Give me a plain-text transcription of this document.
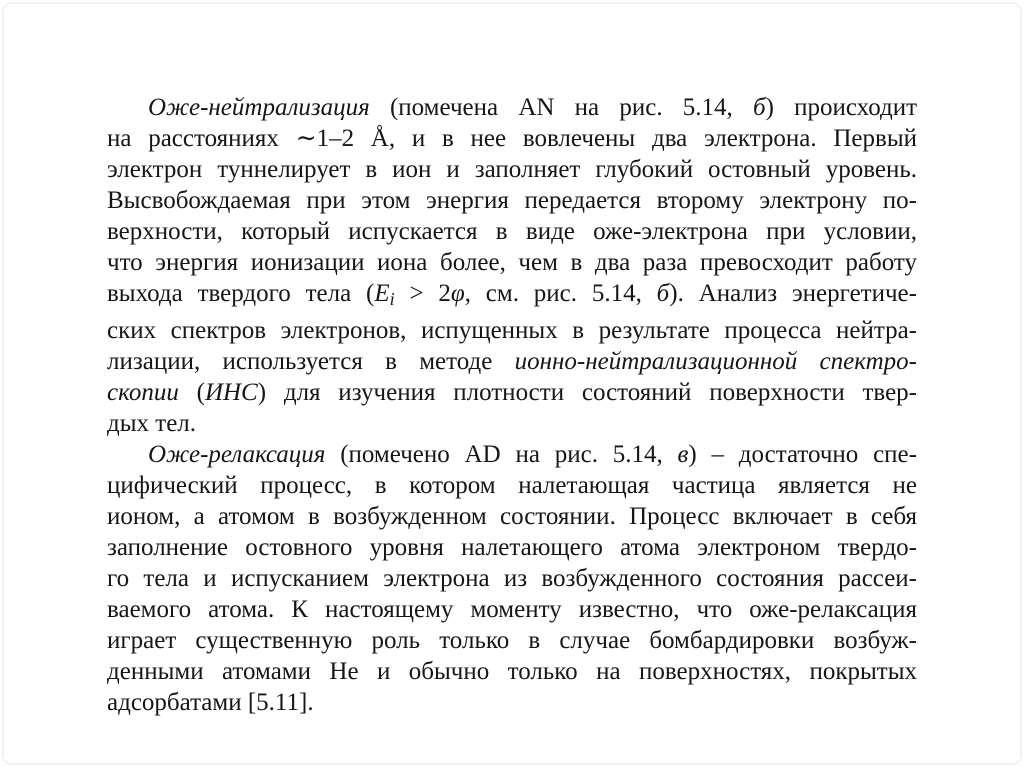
Оже-нейтрализация (помечена AN на рис. 5.14, б) происходит
на расстояниях ∼1–2 Å, и в нее вовлечены два электрона. Первый
электрон туннелирует в ион и заполняет глубокий остовный уровень.
Высвобождаемая при этом энергия передается второму электрону по-
верхности, который испускается в виде оже-электрона при условии,
что энергия ионизации иона более, чем в два раза превосходит работу
выхода твердого тела (Ei > 2φ, см. рис. 5.14, б). Анализ энергетиче-
ских спектров электронов, испущенных в результате процесса нейтра-
лизации, используется в методе ионно-нейтрализационной спектро-
скопии (ИНС) для изучения плотности состояний поверхности твер-
дых тел.
Оже-релаксация (помечено AD на рис. 5.14, в) – достаточно спе-
цифический процесс, в котором налетающая частица является не
ионом, а атомом в возбужденном состоянии. Процесс включает в себя
заполнение остовного уровня налетающего атома электроном твердо-
го тела и испусканием электрона из возбужденного состояния рассеи-
ваемого атома. К настоящему моменту известно, что оже-релаксация
играет существенную роль только в случае бомбардировки возбуж-
денными атомами He и обычно только на поверхностях, покрытых
адсорбатами [5.11].
